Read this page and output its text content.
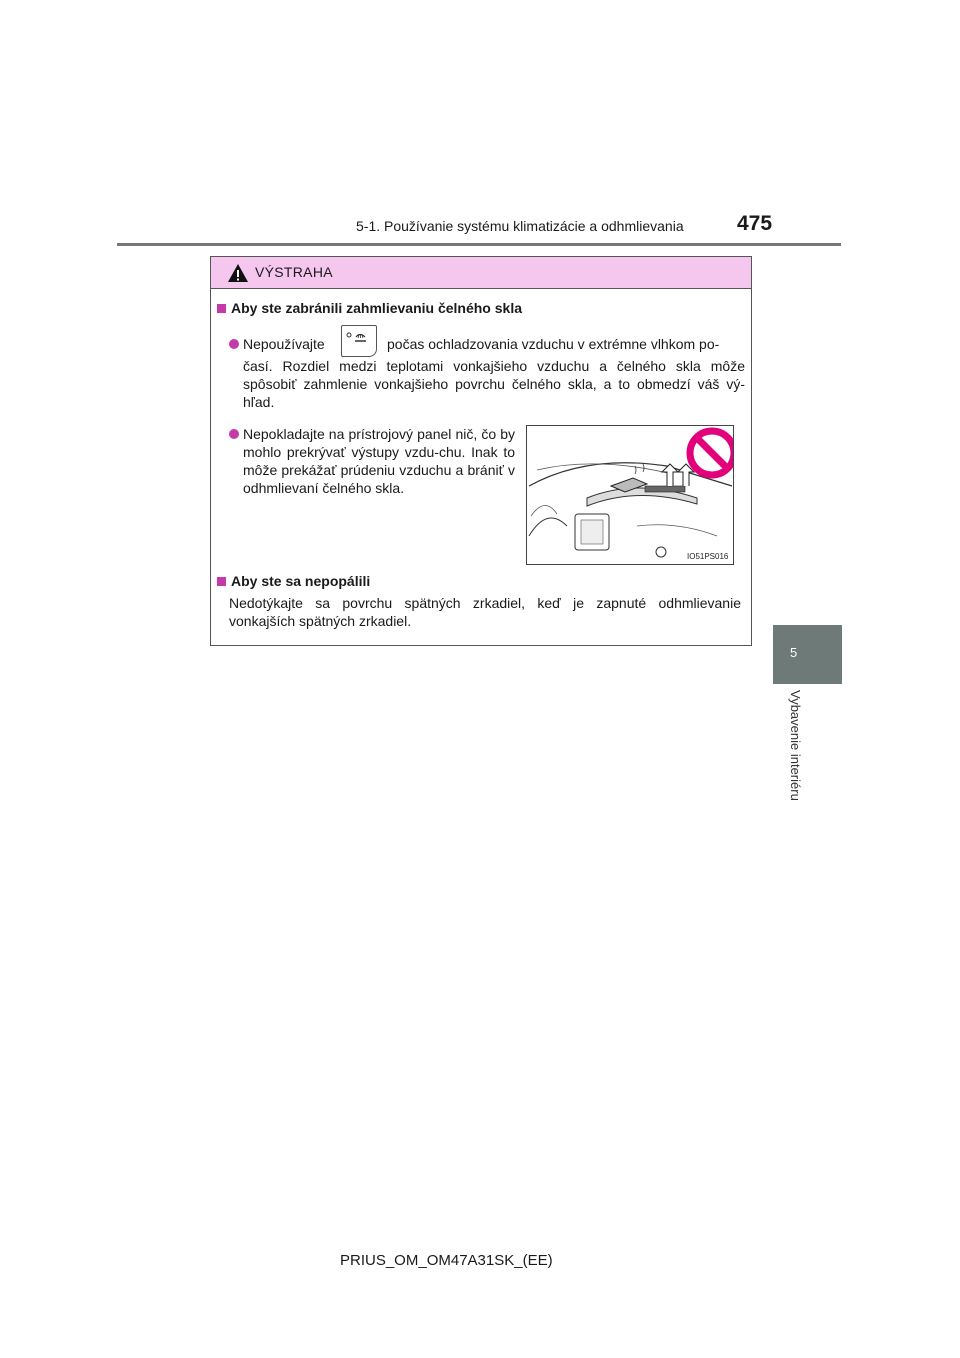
5-1. Používanie systému klimatizácie a odhmlievania	475
5
Vybavenie interiéru
VÝSTRAHA
Aby ste zabránili zahmlievaniu čelného skla
Nepoužívajte	počas ochladzovania vzduchu v extrémne vlhkom po-
časí. Rozdiel medzi teplotami vonkajšieho vzduchu a čelného skla môže spôsobiť zahmlenie vonkajšieho povrchu čelného skla, a to obmedzí váš vý-hľad.
Nepokladajte na prístrojový panel nič, čo by mohlo prekrývať výstupy vzdu-chu. Inak to môže prekážať prúdeniu vzduchu a brániť v odhmlievaní čelného skla.
IO51PS016
Aby ste sa nepopálili
Nedotýkajte sa povrchu spätných zrkadiel, keď je zapnuté odhmlievanie vonkajších spätných zrkadiel.
PRIUS_OM_OM47A31SK_(EE)
